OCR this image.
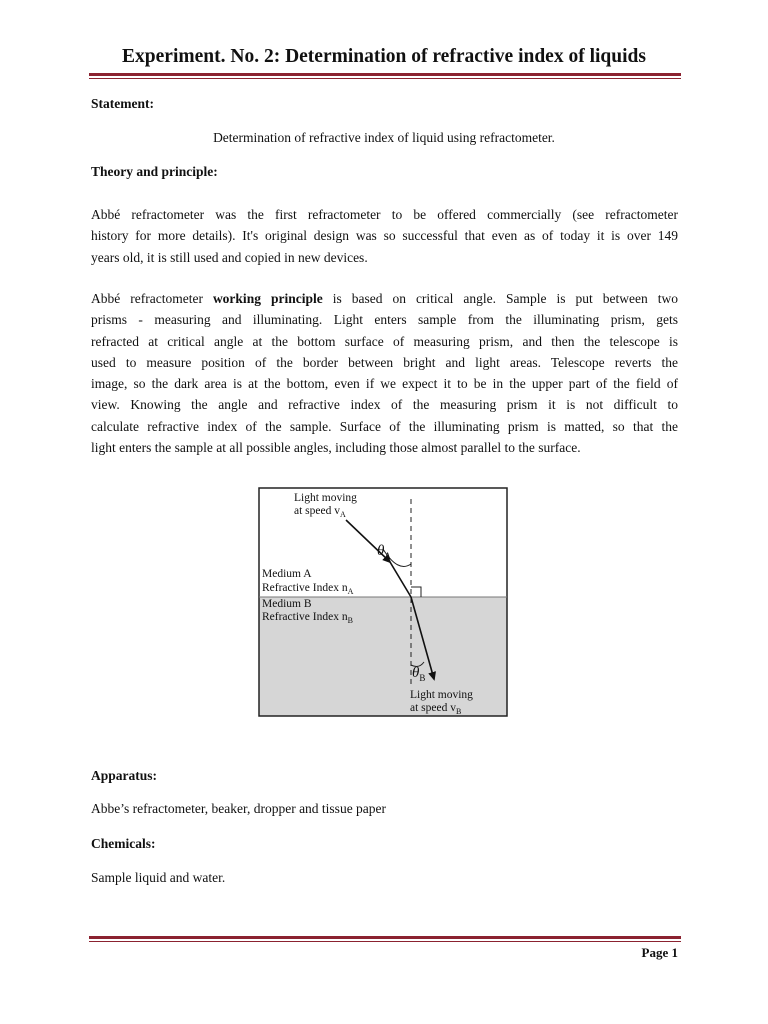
Experiment. No. 2: Determination of refractive index of liquids
Statement:
Determination of refractive index of liquid using refractometer.
Theory and principle:
Abbé refractometer was the first refractometer to be offered commercially (see refractometer
history for more details). It's original design was so successful that even as of today it is over 149
years old, it is still used and copied in new devices.
Abbé refractometer working principle is based on critical angle. Sample is put between two
prisms - measuring and illuminating. Light enters sample from the illuminating prism, gets
refracted at critical angle at the bottom surface of measuring prism, and then the telescope is
used to measure position of the border between bright and light areas. Telescope reverts the
image, so the dark area is at the bottom, even if we expect it to be in the upper part of the field of
view. Knowing the angle and refractive index of the measuring prism it is not difficult to
calculate refractive index of the sample. Surface of the illuminating prism is matted, so that the
light enters the sample at all possible angles, including those almost parallel to the surface.
Light moving
at speed $v_A$
$\theta_A$
Medium A
Refractive Index $n_A$
Medium B
Refractive Index $n_B$
$\theta_B$
Light moving
at speed $v_B$
Apparatus:
Abbe’s refractometer, beaker, dropper and tissue paper
Chemicals:
Sample liquid and water.
Page 1
